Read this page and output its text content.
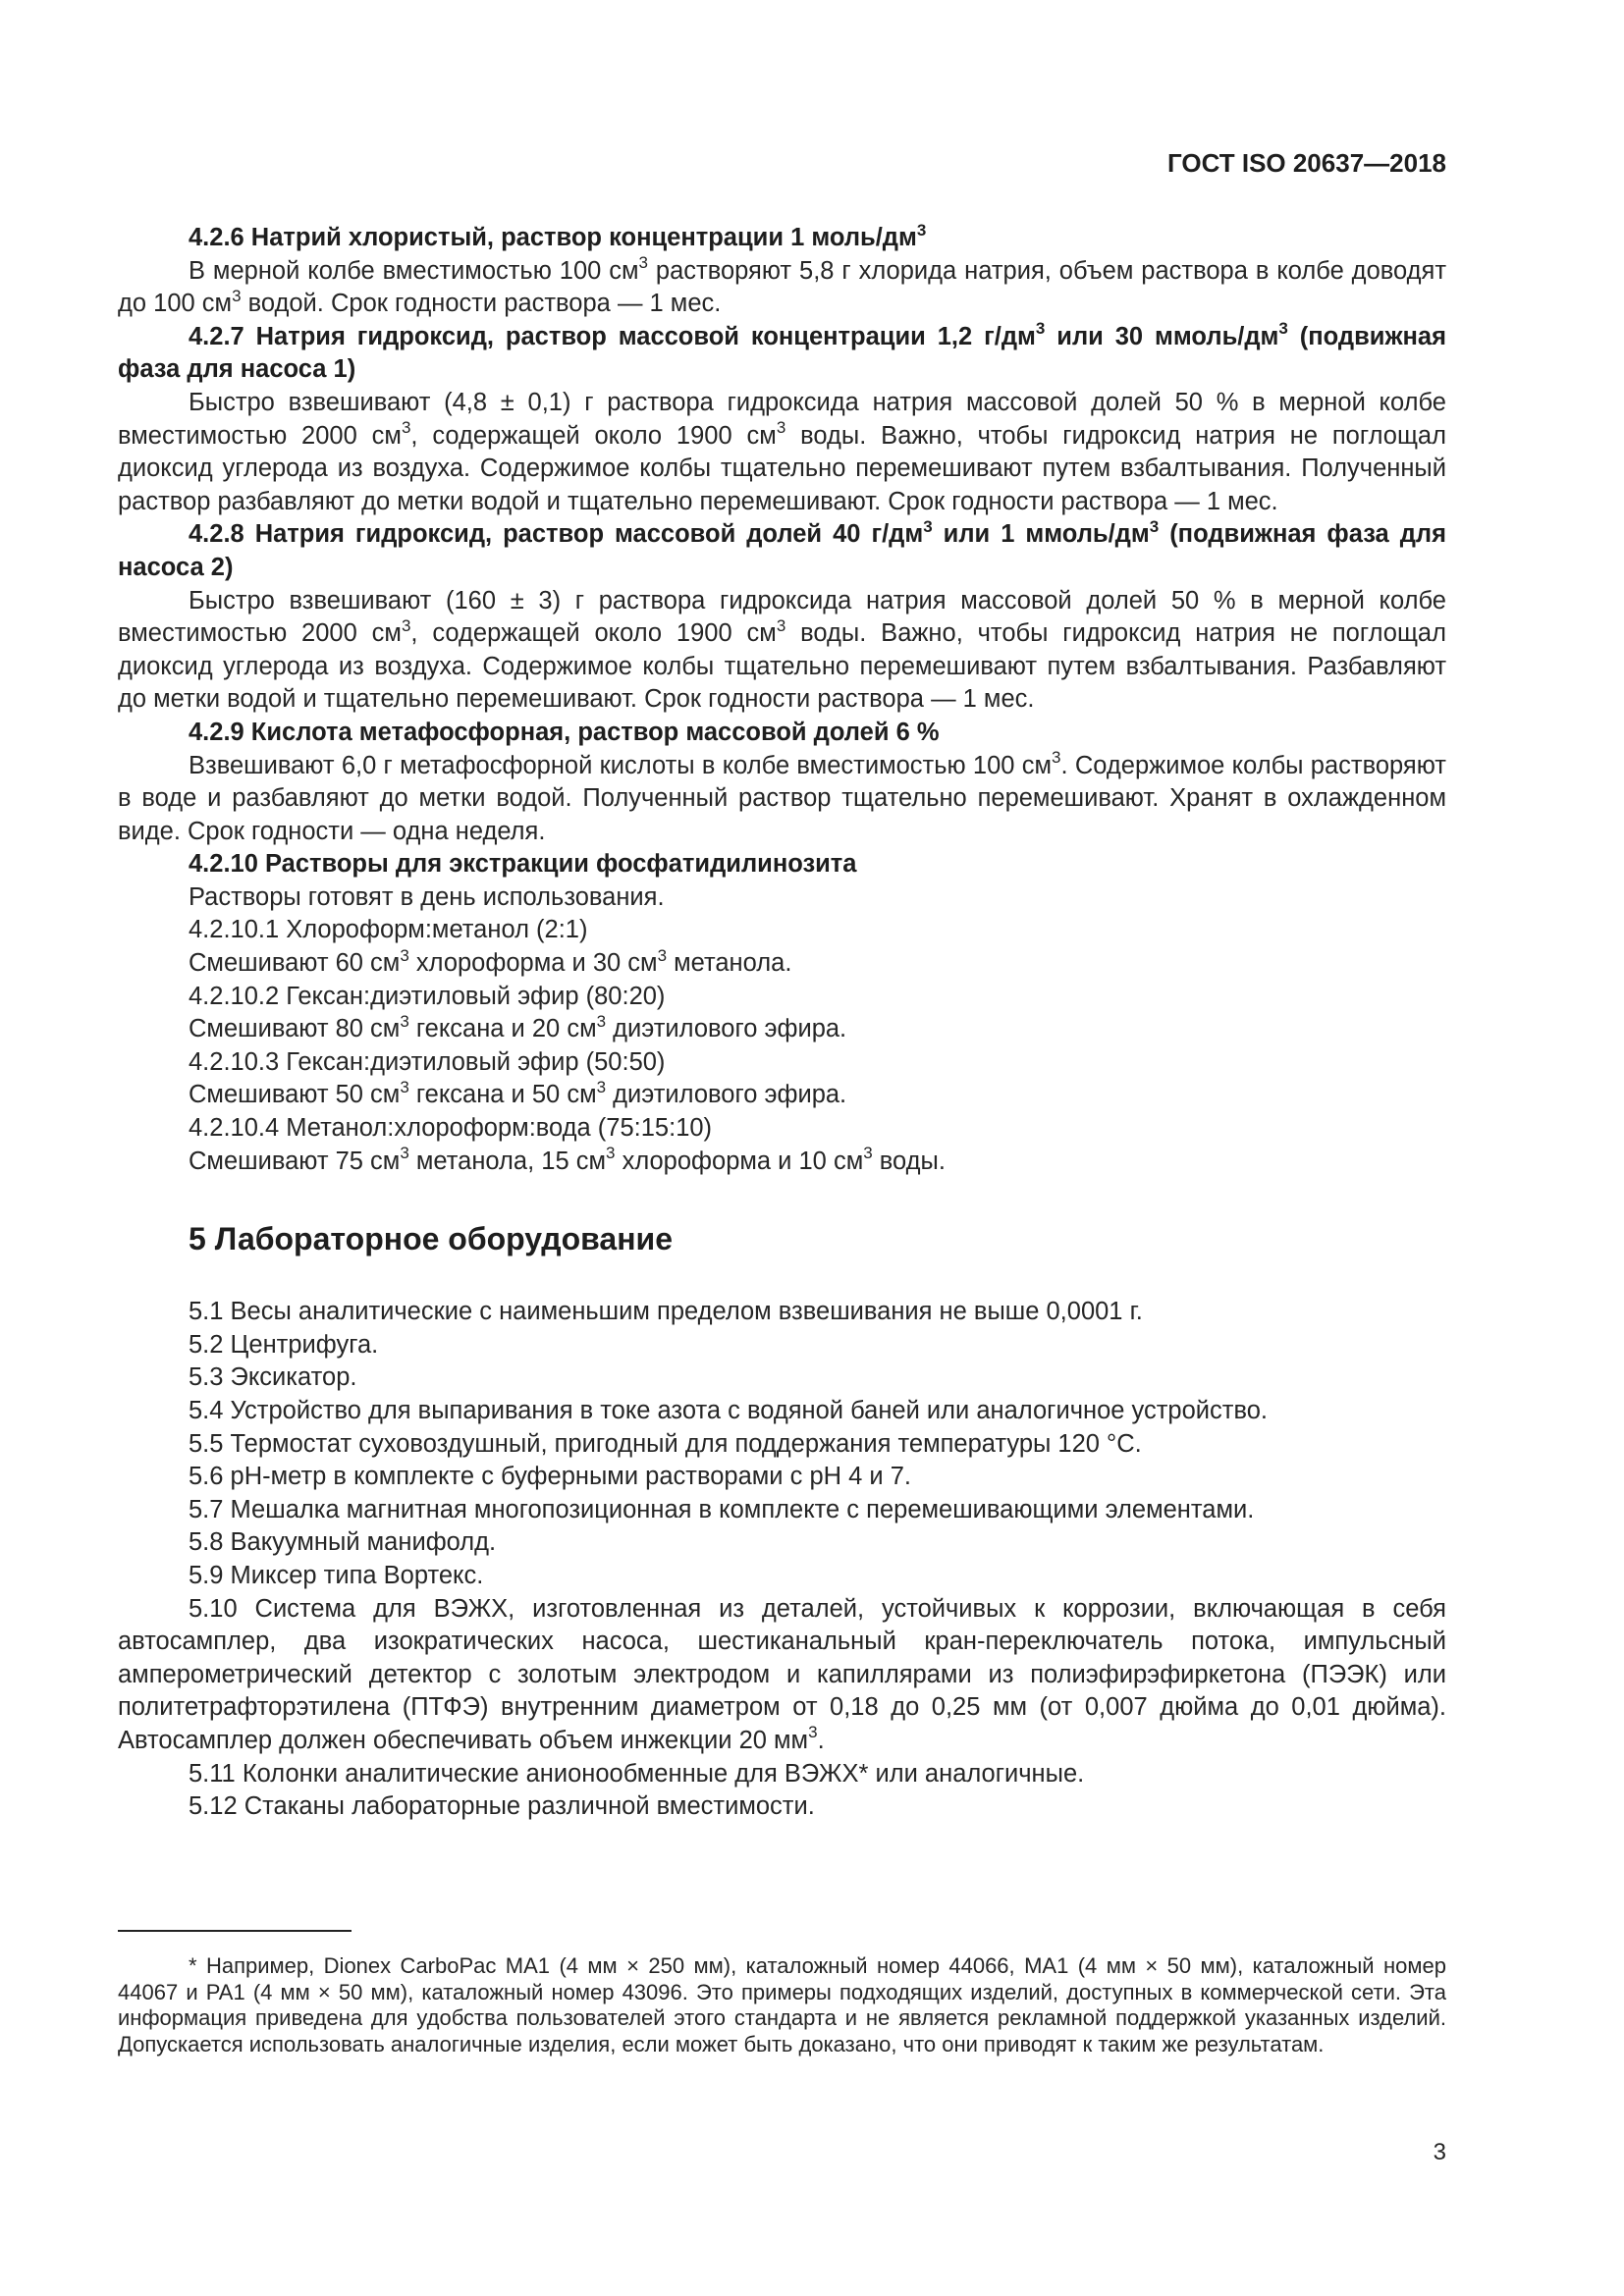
ГОСТ ISO 20637—2018

4.2.6 Натрий хлористый, раствор концентрации 1 моль/$дм^3$

В мерной колбе вместимостью 100 $см^3$ растворяют 5,8 г хлорида натрия, объем раствора в колбе доводят до 100 $см^3$ водой. Срок годности раствора — 1 мес.

4.2.7 Натрия гидроксид, раствор массовой концентрации 1,2 $г/дм^3$ или 30 ммоль/$дм^3$ (подвижная фаза для насоса 1)

Быстро взвешивают (4,8 ± 0,1) г раствора гидроксида натрия массовой долей 50 % в мерной колбе вместимостью 2000 $см^3$, содержащей около 1900 $см^3$ воды. Важно, чтобы гидроксид натрия не поглощал диоксид углерода из воздуха. Содержимое колбы тщательно перемешивают путем взбалтывания. Полученный раствор разбавляют до метки водой и тщательно перемешивают. Срок годности раствора — 1 мес.

4.2.8 Натрия гидроксид, раствор массовой долей 40 $г/дм^3$ или 1 ммоль/$дм^3$ (подвижная фаза для насоса 2)

Быстро взвешивают (160 ± 3) г раствора гидроксида натрия массовой долей 50 % в мерной колбе вместимостью 2000 $см^3$, содержащей около 1900 $см^3$ воды. Важно, чтобы гидроксид натрия не поглощал диоксид углерода из воздуха. Содержимое колбы тщательно перемешивают путем взбалтывания. Разбавляют до метки водой и тщательно перемешивают. Срок годности раствора — 1 мес.

4.2.9 Кислота метафосфорная, раствор массовой долей 6 %

Взвешивают 6,0 г метафосфорной кислоты в колбе вместимостью 100 $см^3$. Содержимое колбы растворяют в воде и разбавляют до метки водой. Полученный раствор тщательно перемешивают. Хранят в охлажденном виде. Срок годности — одна неделя.

4.2.10 Растворы для экстракции фосфатидилинозита

Растворы готовят в день использования.

4.2.10.1 Хлороформ:метанол (2:1)

Смешивают 60 $см^3$ хлороформа и 30 $см^3$ метанола.

4.2.10.2 Гексан:диэтиловый эфир (80:20)

Смешивают 80 $см^3$ гексана и 20 $см^3$ диэтилового эфира.

4.2.10.3 Гексан:диэтиловый эфир (50:50)

Смешивают 50 $см^3$ гексана и 50 $см^3$ диэтилового эфира.

4.2.10.4 Метанол:хлороформ:вода (75:15:10)

Смешивают 75 $см^3$ метанола, 15 $см^3$ хлороформа и 10 $см^3$ воды.

5 Лабораторное оборудование

5.1 Весы аналитические с наименьшим пределом взвешивания не выше 0,0001 г.

5.2 Центрифуга.

5.3 Эксикатор.

5.4 Устройство для выпаривания в токе азота с водяной баней или аналогичное устройство.

5.5 Термостат суховоздушный, пригодный для поддержания температуры 120 °C.

5.6 pH-метр в комплекте с буферными растворами с pH 4 и 7.

5.7 Мешалка магнитная многопозиционная в комплекте с перемешивающими элементами.

5.8 Вакуумный манифолд.

5.9 Миксер типа Вортекс.

5.10 Система для ВЭЖХ, изготовленная из деталей, устойчивых к коррозии, включающая в себя автосамплер, два изократических насоса, шестиканальный кран-переключатель потока, импульсный амперометрический детектор с золотым электродом и капиллярами из полиэфирэфиркетона (ПЭЭК) или политетрафторэтилена (ПТФЭ) внутренним диаметром от 0,18 до 0,25 мм (от 0,007 дюйма до 0,01 дюйма). Автосамплер должен обеспечивать объем инжекции 20 $мм^3$.

5.11 Колонки аналитические анионообменные для ВЭЖХ* или аналогичные.

5.12 Стаканы лабораторные различной вместимости.

* Например, Dionex CarboPac MA1 (4 мм × 250 мм), каталожный номер 44066, MA1 (4 мм × 50 мм), каталожный номер 44067 и PA1 (4 мм × 50 мм), каталожный номер 43096. Это примеры подходящих изделий, доступных в коммерческой сети. Эта информация приведена для удобства пользователей этого стандарта и не является рекламной поддержкой указанных изделий. Допускается использовать аналогичные изделия, если может быть доказано, что они приводят к таким же результатам.

3
